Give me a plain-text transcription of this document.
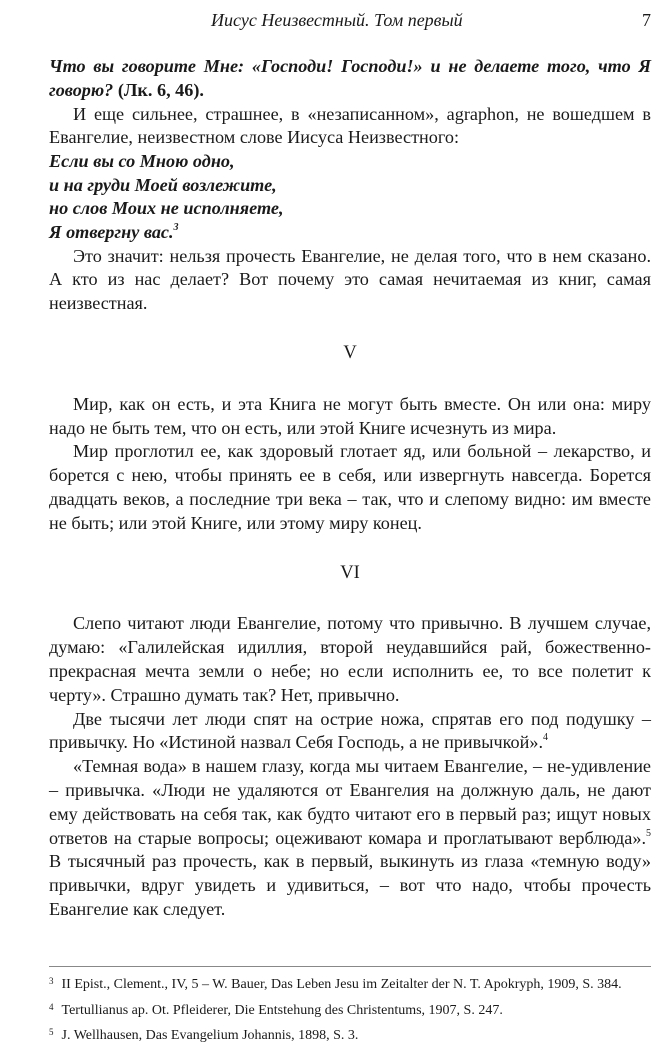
Иисус Неизвестный. Том первый	7

Что вы говорите Мне: «Господи! Господи!» и не делаете того, что Я говорю? (Лк. 6, 46).

И еще сильнее, страшнее, в «незаписанном», agraphon, не вошедшем в Евангелие, неизвестном слове Иисуса Неизвестного:

Если вы со Мною одно,
и на груди Моей возлежите,
но слов Моих не исполняете,
Я отвергну вас.$^3$

Это значит: нельзя прочесть Евангелие, не делая того, что в нем сказано. А кто из нас делает? Вот почему это самая нечитаемая из книг, самая неизвестная.

V

Мир, как он есть, и эта Книга не могут быть вместе. Он или она: миру надо не быть тем, что он есть, или этой Книге исчезнуть из мира.

Мир проглотил ее, как здоровый глотает яд, или больной – лекарство, и борется с нею, чтобы принять ее в себя, или извергнуть навсегда. Борется двадцать веков, а последние три века – так, что и слепому видно: им вместе не быть; или этой Книге, или этому миру конец.

VI

Слепо читают люди Евангелие, потому что привычно. В лучшем случае, думаю: «Галилейская идиллия, второй неудавшийся рай, божественно-прекрасная мечта земли о небе; но если исполнить ее, то все полетит к черту». Страшно думать так? Нет, привычно.

Две тысячи лет люди спят на острие ножа, спрятав его под подушку – привычку. Но «Истиной назвал Себя Господь, а не привычкой».$^4$

«Темная вода» в нашем глазу, когда мы читаем Евангелие, – не-удивление – привычка. «Люди не удаляются от Евангелия на должную даль, не дают ему действовать на себя так, как будто читают его в первый раз; ищут новых ответов на старые вопросы; оцеживают комара и проглатывают верблюда».$^5$ В тысячный раз прочесть, как в первый, выкинуть из глаза «темную воду» привычки, вдруг увидеть и удивиться, – вот что надо, чтобы прочесть Евангелие как следует.

$^3$ II Epist., Clement., IV, 5 – W. Bauer, Das Leben Jesu im Zeitalter der N. T. Apokryph, 1909, S. 384.
$^4$ Tertullianus ap. Ot. Pfleiderer, Die Entstehung des Christentums, 1907, S. 247.
$^5$ J. Wellhausen, Das Evangelium Johannis, 1898, S. 3.
